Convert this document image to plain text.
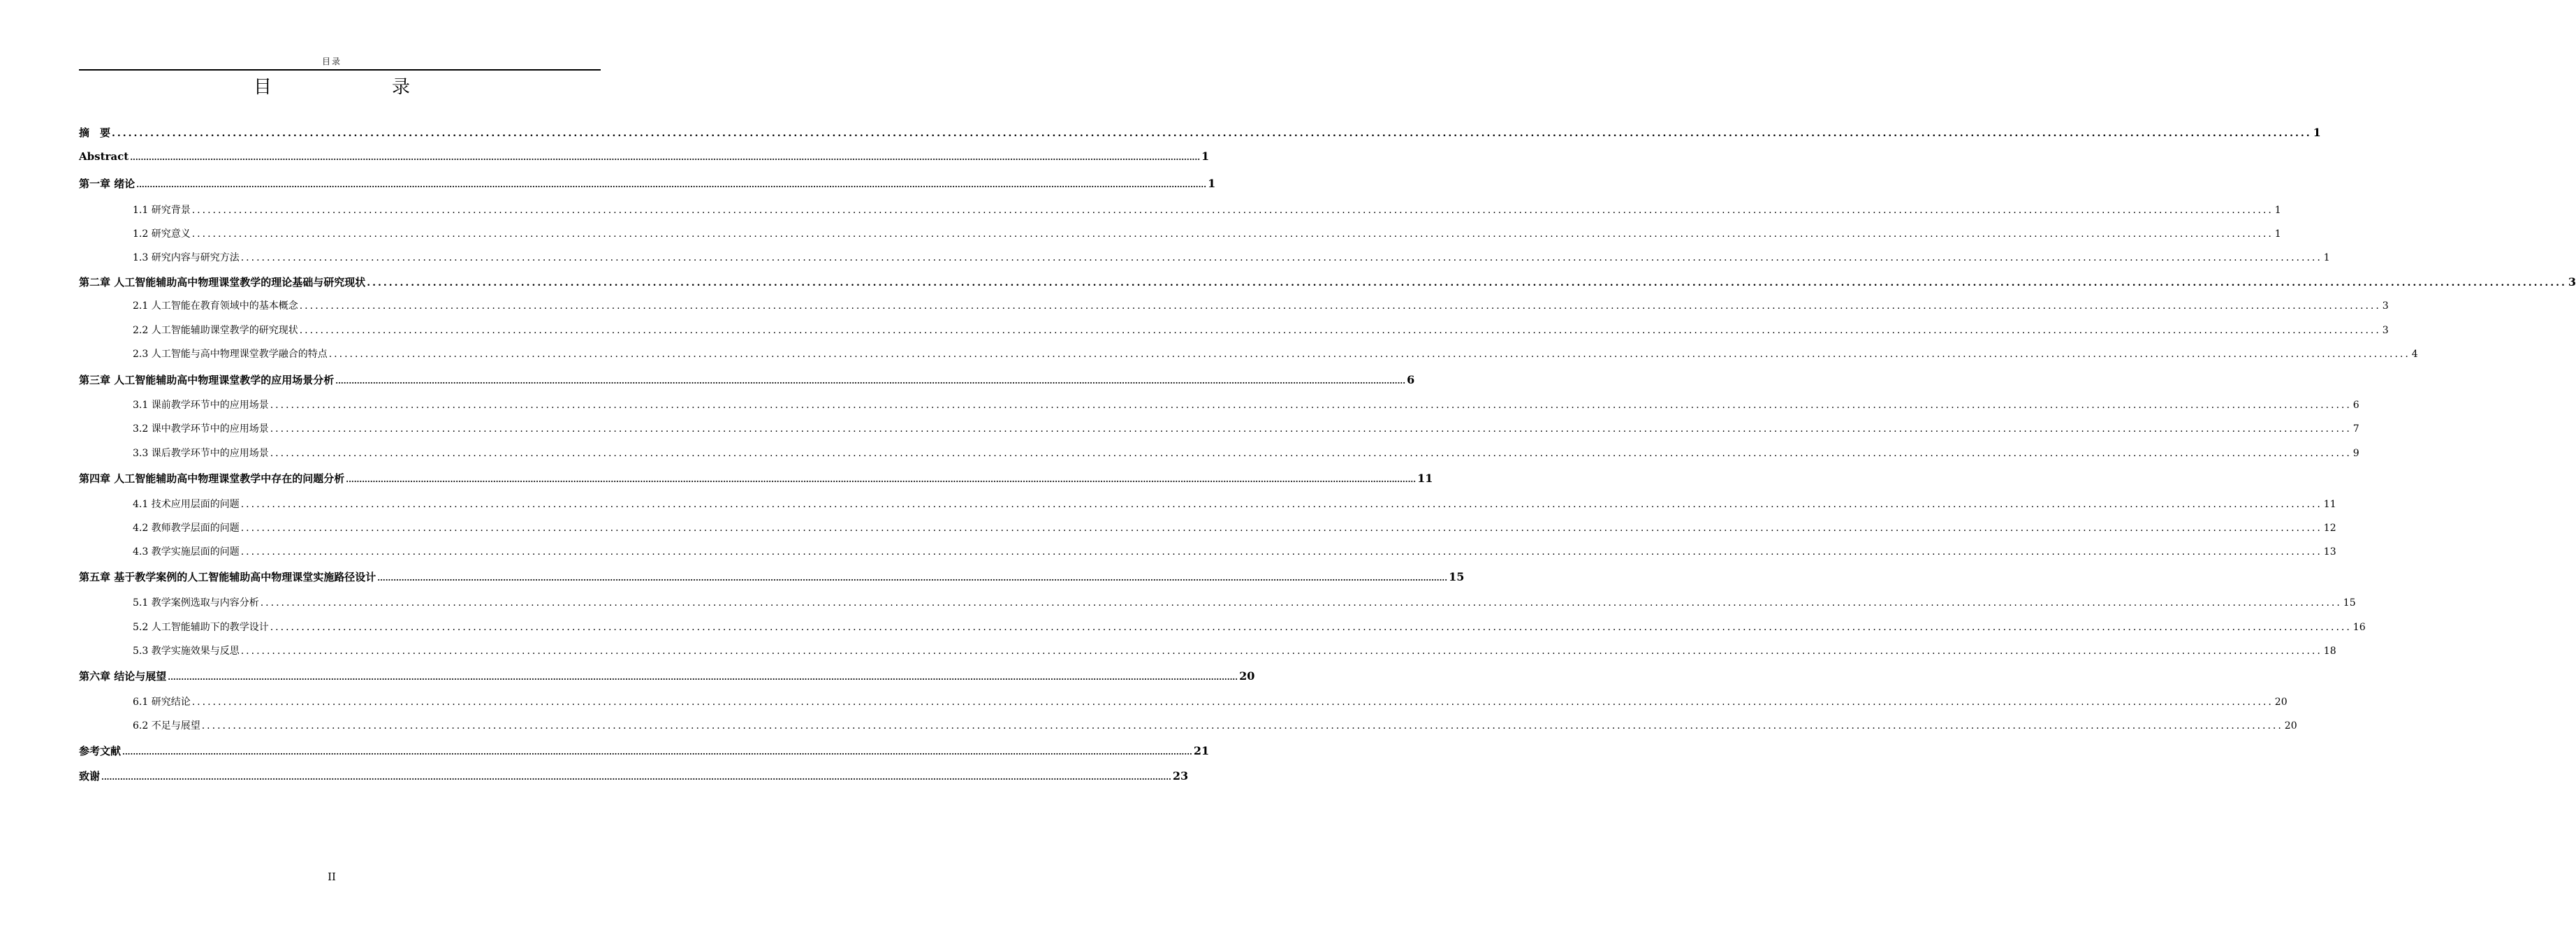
目录
目　　录
摘　要 ................................................................................................................................................................................................................................................................................................................................................................................................................ 1
Abstract ................................................................................................................................................................................................................................................................................................................................................................................................................ 1
第一章 绪论 ................................................................................................................................................................................................................................................................................................................................................................................................................ 1
1.1 研究背景 ................................................................................................................................................................................................................................................................................................................................................................................................................ 1
1.2 研究意义 ................................................................................................................................................................................................................................................................................................................................................................................................................ 1
1.3 研究内容与研究方法 ................................................................................................................................................................................................................................................................................................................................................................................................................ 1
第二章 人工智能辅助高中物理课堂教学的理论基础与研究现状 ................................................................................................................................................................................................................................................................................................................................................................................................................ 3
2.1 人工智能在教育领域中的基本概念 ................................................................................................................................................................................................................................................................................................................................................................................................................ 3
2.2 人工智能辅助课堂教学的研究现状 ................................................................................................................................................................................................................................................................................................................................................................................................................ 3
2.3 人工智能与高中物理课堂教学融合的特点 ................................................................................................................................................................................................................................................................................................................................................................................................................ 4
第三章 人工智能辅助高中物理课堂教学的应用场景分析 ................................................................................................................................................................................................................................................................................................................................................................................................................ 6
3.1 课前教学环节中的应用场景 ................................................................................................................................................................................................................................................................................................................................................................................................................ 6
3.2 课中教学环节中的应用场景 ................................................................................................................................................................................................................................................................................................................................................................................................................ 7
3.3 课后教学环节中的应用场景 ................................................................................................................................................................................................................................................................................................................................................................................................................ 9
第四章 人工智能辅助高中物理课堂教学中存在的问题分析 ................................................................................................................................................................................................................................................................................................................................................................................................................ 11
4.1 技术应用层面的问题 ................................................................................................................................................................................................................................................................................................................................................................................................................ 11
4.2 教师教学层面的问题 ................................................................................................................................................................................................................................................................................................................................................................................................................ 12
4.3 教学实施层面的问题 ................................................................................................................................................................................................................................................................................................................................................................................................................ 13
第五章 基于教学案例的人工智能辅助高中物理课堂实施路径设计 ................................................................................................................................................................................................................................................................................................................................................................................................................ 15
5.1 教学案例选取与内容分析 ................................................................................................................................................................................................................................................................................................................................................................................................................ 15
5.2 人工智能辅助下的教学设计 ................................................................................................................................................................................................................................................................................................................................................................................................................ 16
5.3 教学实施效果与反思 ................................................................................................................................................................................................................................................................................................................................................................................................................ 18
第六章 结论与展望 ................................................................................................................................................................................................................................................................................................................................................................................................................ 20
6.1 研究结论 ................................................................................................................................................................................................................................................................................................................................................................................................................ 20
6.2 不足与展望 ................................................................................................................................................................................................................................................................................................................................................................................................................ 20
参考文献 ................................................................................................................................................................................................................................................................................................................................................................................................................ 21
致谢 ................................................................................................................................................................................................................................................................................................................................................................................................................ 23
II
